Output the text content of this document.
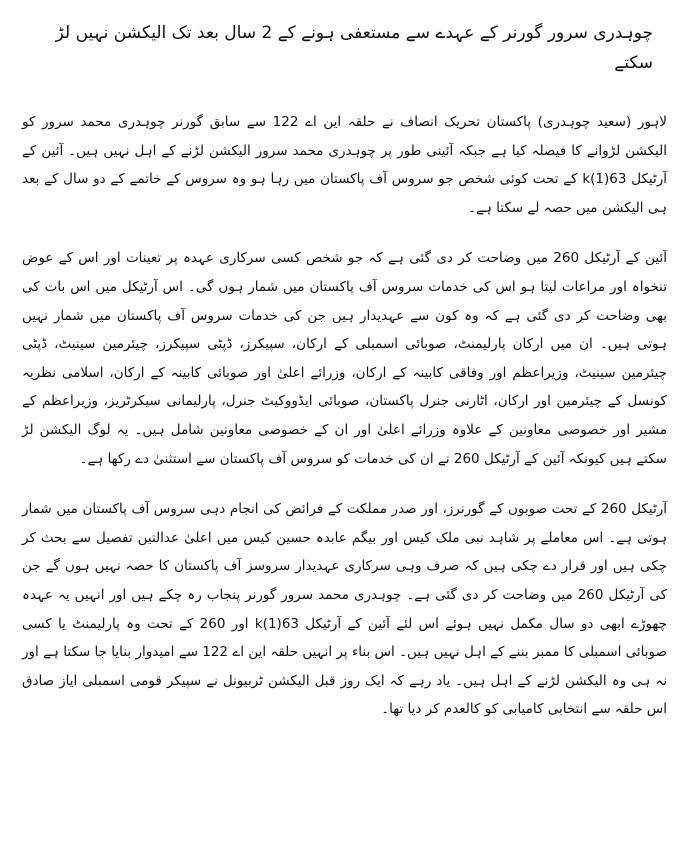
چوہدری سرور گورنر کے عہدے سے مستعفی ہونے کے 2 سال بعد تک الیکشن نہیں لڑ سکتے

لاہور (سعید چوہدری) پاکستان تحریک انصاف نے حلقہ این اے 122 سے سابق گورنر چوہدری محمد سرور کو الیکشن لڑوانے کا فیصلہ کیا ہے جبکہ آئینی طور پر چوہدری محمد سرور الیکشن لڑنے کے اہل نہیں ہیں۔ آئین کے آرٹیکل 63(1)k کے تحت کوئی شخص جو سروس آف پاکستان میں رہا ہو وہ سروس کے خاتمے کے دو سال کے بعد ہی الیکشن میں حصہ لے سکتا ہے۔

آئین کے آرٹیکل 260 میں وضاحت کر دی گئی ہے کہ جو شخص کسی سرکاری عہدہ پر تعینات اور اس کے عوض تنخواہ اور مراعات لیتا ہو اس کی خدمات سروس آف پاکستان میں شمار ہوں گی۔ اس آرٹیکل میں اس بات کی بھی وضاحت کر دی گئی ہے کہ وہ کون سے عہدیدار ہیں جن کی خدمات سروس آف پاکستان میں شمار نہیں ہوتی ہیں۔ ان میں ارکان پارلیمنٹ، صوبائی اسمبلی کے ارکان، سپیکرز، ڈپٹی سپیکرز، چیئرمین سینیٹ، ڈپٹی چیئرمین سینیٹ، وزیراعظم اور وفاقی کابینہ کے ارکان، وزرائے اعلیٰ اور صوبائی کابینہ کے ارکان، اسلامی نظریہ کونسل کے چیئرمین اور ارکان، اٹارنی جنرل پاکستان، صوبائی ایڈووکیٹ جنرل، پارلیمانی سیکرٹریز، وزیراعظم کے مشیر اور خصوصی معاونین کے علاوہ وزرائے اعلیٰ اور ان کے خصوصی معاونین شامل ہیں۔ یہ لوگ الیکشن لڑ سکتے ہیں کیونکہ آئین کے آرٹیکل 260 نے ان کی خدمات کو سروس آف پاکستان سے استثنیٰ دے رکھا ہے۔

آرٹیکل 260 کے تحت صوبوں کے گورنرز، اور صدر مملکت کے فرائض کی انجام دہی سروس آف پاکستان میں شمار ہوتی ہے۔ اس معاملے پر شاہد نبی ملک کیس اور بیگم عابدہ حسین کیس میں اعلیٰ عدالتیں تفصیل سے بحث کر چکی ہیں اور قرار دے چکی ہیں کہ صرف وہی سرکاری عہدیدار سروسز آف پاکستان کا حصہ نہیں ہوں گے جن کی آرٹیکل 260 میں وضاحت کر دی گئی ہے۔ چوہدری محمد سرور گورنر پنجاب رہ چکے ہیں اور انہیں یہ عہدہ چھوڑے ابھی دو سال مکمل نہیں ہوئے اس لئے آئین کے آرٹیکل 63(1)k اور 260 کے تحت وہ پارلیمنٹ یا کسی صوبائی اسمبلی کا ممبر بننے کے اہل نہیں ہیں۔ اس بناء پر انہیں حلقہ این اے 122 سے امیدوار بنایا جا سکتا ہے اور نہ ہی وہ الیکشن لڑنے کے اہل ہیں۔ یاد رہے کہ ایک روز قبل الیکشن ٹربیونل نے سپیکر قومی اسمبلی ایاز صادق اس حلقہ سے انتخابی کامیابی کو کالعدم کر دیا تھا۔
